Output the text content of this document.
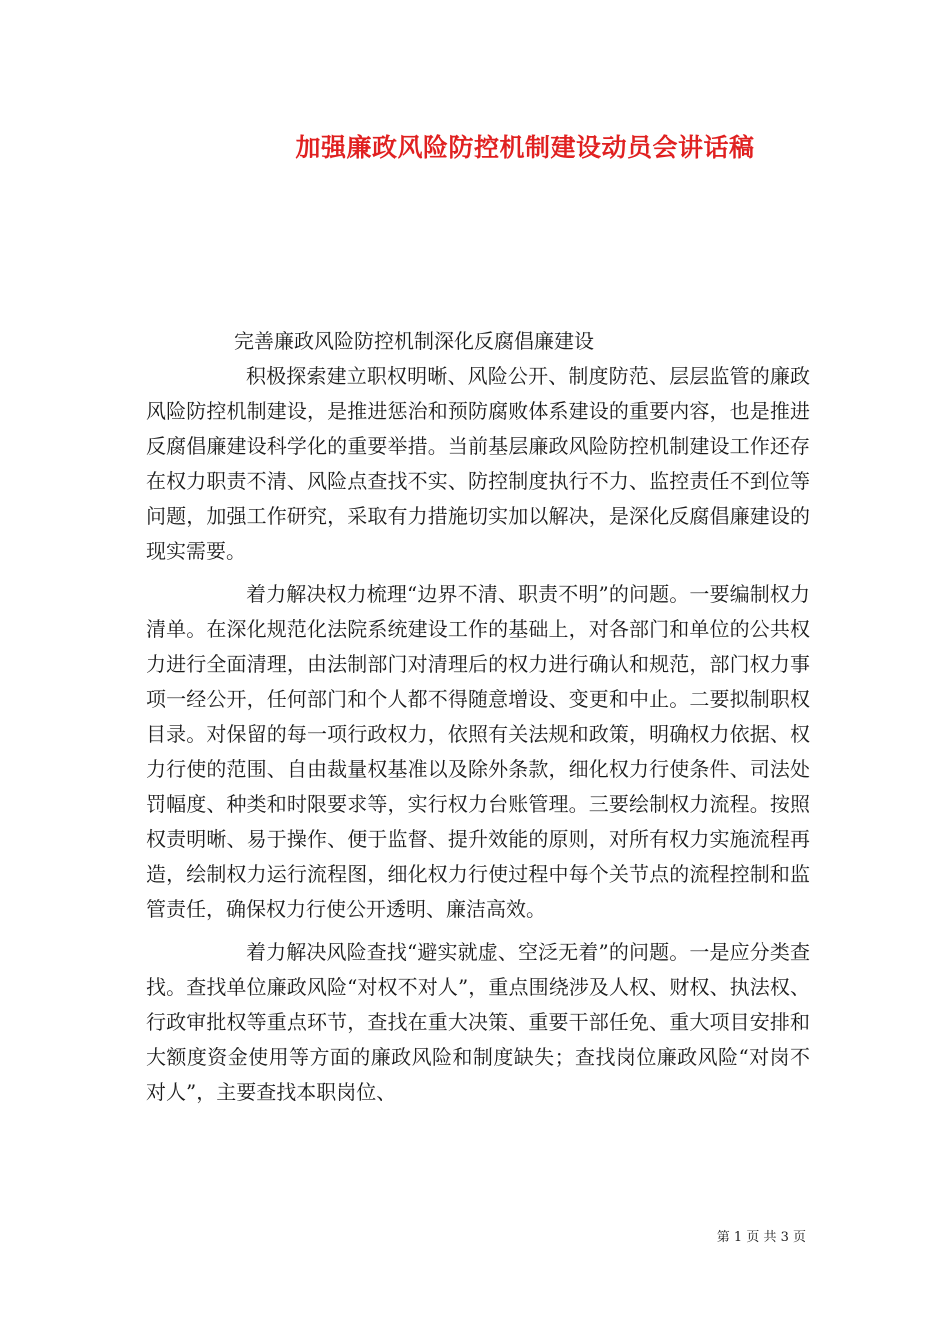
加强廉政风险防控机制建设动员会讲话稿

完善廉政风险防控机制深化反腐倡廉建设

积极探索建立职权明晰、风险公开、制度防范、层层监管的廉政风险防控机制建设，是推进惩治和预防腐败体系建设的重要内容，也是推进反腐倡廉建设科学化的重要举措。当前基层廉政风险防控机制建设工作还存在权力职责不清、风险点查找不实、防控制度执行不力、监控责任不到位等问题，加强工作研究，采取有力措施切实加以解决，是深化反腐倡廉建设的现实需要。

着力解决权力梳理“边界不清、职责不明”的问题。一要编制权力清单。在深化规范化法院系统建设工作的基础上，对各部门和单位的公共权力进行全面清理，由法制部门对清理后的权力进行确认和规范，部门权力事项一经公开，任何部门和个人都不得随意增设、变更和中止。二要拟制职权目录。对保留的每一项行政权力，依照有关法规和政策，明确权力依据、权力行使的范围、自由裁量权基准以及除外条款，细化权力行使条件、司法处罚幅度、种类和时限要求等，实行权力台账管理。三要绘制权力流程。按照权责明晰、易于操作、便于监督、提升效能的原则，对所有权力实施流程再造，绘制权力运行流程图，细化权力行使过程中每个关节点的流程控制和监管责任，确保权力行使公开透明、廉洁高效。

着力解决风险查找“避实就虚、空泛无着”的问题。一是应分类查找。查找单位廉政风险“对权不对人”，重点围绕涉及人权、财权、执法权、行政审批权等重点环节，查找在重大决策、重要干部任免、重大项目安排和大额度资金使用等方面的廉政风险和制度缺失；查找岗位廉政风险“对岗不对人”，主要查找本职岗位、

第 1 页 共 3 页
